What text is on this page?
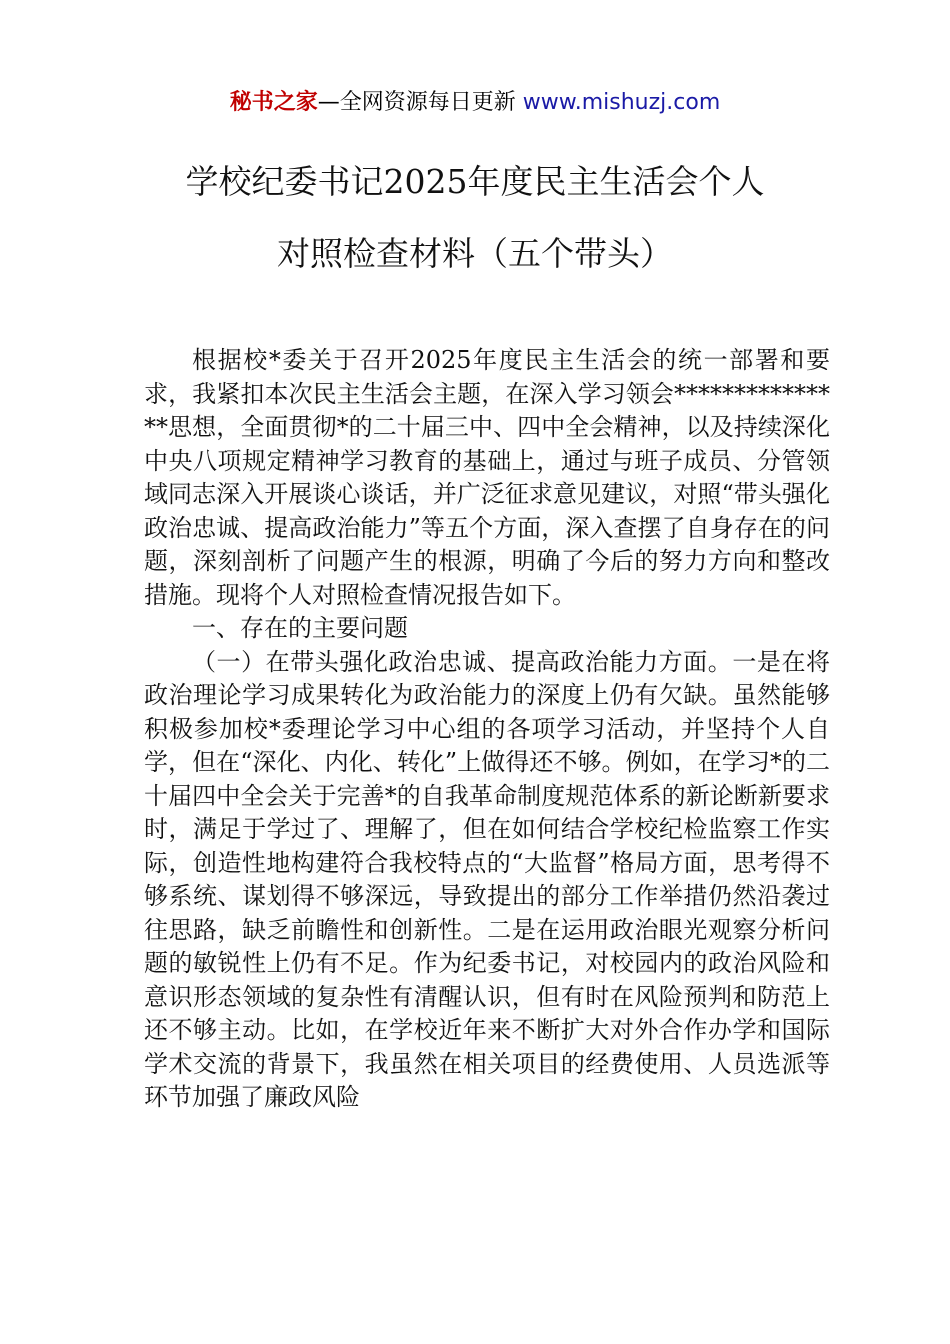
秘书之家—全网资源每日更新 www.mishuzj.com
学校纪委书记2025年度民主生活会个人
对照检查材料（五个带头）

根据校*委关于召开2025年度民主生活会的统一部署和要求，我紧扣本次民主生活会主题，在深入学习领会***************思想，全面贯彻*的二十届三中、四中全会精神，以及持续深化中央八项规定精神学习教育的基础上，通过与班子成员、分管领域同志深入开展谈心谈话，并广泛征求意见建议，对照“带头强化政治忠诚、提高政治能力”等五个方面，深入查摆了自身存在的问题，深刻剖析了问题产生的根源，明确了今后的努力方向和整改措施。现将个人对照检查情况报告如下。

一、存在的主要问题

（一）在带头强化政治忠诚、提高政治能力方面。一是在将政治理论学习成果转化为政治能力的深度上仍有欠缺。虽然能够积极参加校*委理论学习中心组的各项学习活动，并坚持个人自学，但在“深化、内化、转化”上做得还不够。例如，在学习*的二十届四中全会关于完善*的自我革命制度规范体系的新论断新要求时，满足于学过了、理解了，但在如何结合学校纪检监察工作实际，创造性地构建符合我校特点的“大监督”格局方面，思考得不够系统、谋划得不够深远，导致提出的部分工作举措仍然沿袭过往思路，缺乏前瞻性和创新性。二是在运用政治眼光观察分析问题的敏锐性上仍有不足。作为纪委书记，对校园内的政治风险和意识形态领域的复杂性有清醒认识，但有时在风险预判和防范上还不够主动。比如，在学校近年来不断扩大对外合作办学和国际学术交流的背景下，我虽然在相关项目的经费使用、人员选派等环节加强了廉政风险
